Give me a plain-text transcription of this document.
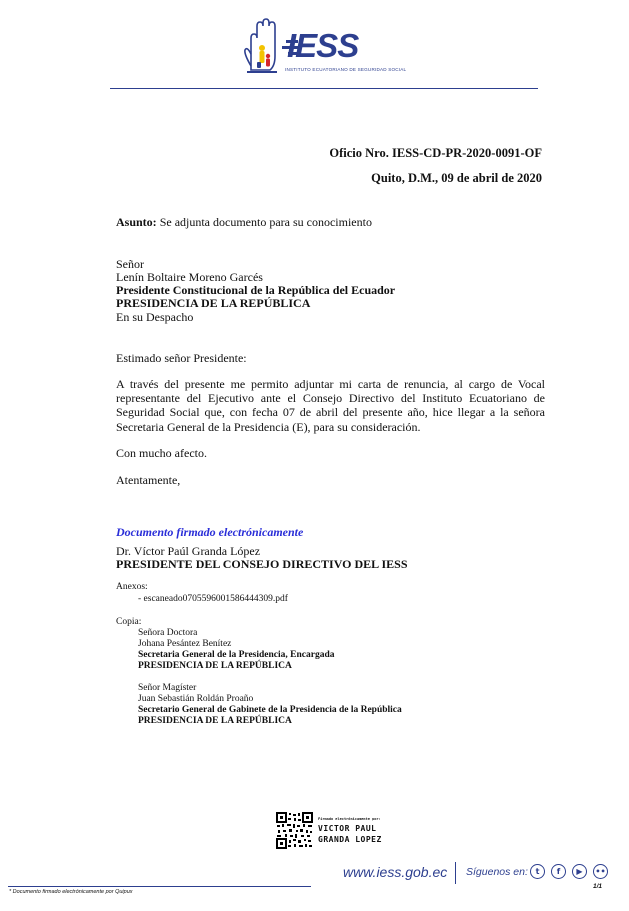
IESS
INSTITUTO ECUATORIANO DE SEGURIDAD SOCIAL
Oficio Nro. IESS-CD-PR-2020-0091-OF
Quito, D.M., 09 de abril de 2020
Asunto: Se adjunta documento para su conocimiento
Señor
Lenín Boltaire Moreno Garcés
Presidente Constitucional de la República del Ecuador
PRESIDENCIA DE LA REPÚBLICA
En su Despacho
Estimado señor Presidente:
A través del presente me permito adjuntar mi carta de renuncia, al cargo de Vocal representante del Ejecutivo ante el Consejo Directivo del Instituto Ecuatoriano de Seguridad Social que, con fecha 07 de abril del presente año, hice llegar a la señora Secretaria General de la Presidencia (E), para su consideración.
Con mucho afecto.
Atentamente,
Documento firmado electrónicamente
Dr. Víctor Paúl Granda López
PRESIDENTE DEL CONSEJO DIRECTIVO DEL IESS
Anexos:
- escaneado0705596001586444309.pdf
Copia:
Señora Doctora
Johana Pesántez Benítez
Secretaria General de la Presidencia, Encargada
PRESIDENCIA DE LA REPÚBLICA
Señor Magíster
Juan Sebastián Roldán Proaño
Secretario General de Gabinete de la Presidencia de la República
PRESIDENCIA DE LA REPÚBLICA
Firmado electrónicamente por:
VICTOR PAUL
GRANDA LOPEZ
www.iess.gob.ec Síguenos en: t	f	▶	••
1/1
* Documento firmado electrónicamente por Quipux
